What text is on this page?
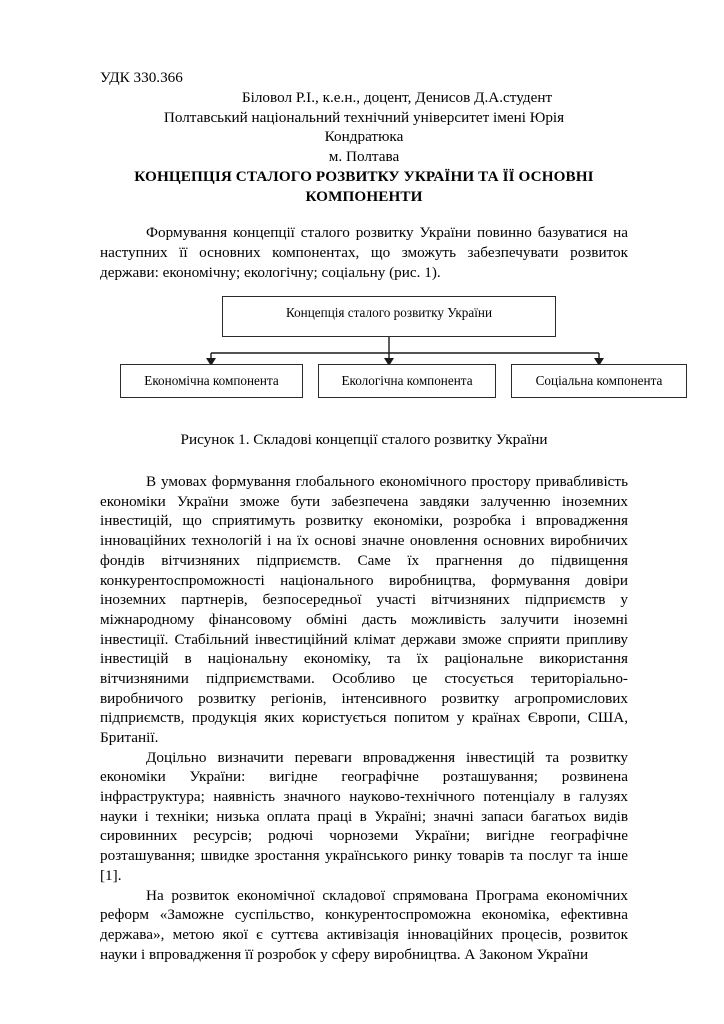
УДК 330.366
Біловол Р.І., к.е.н., доцент, Денисов Д.А.студент
Полтавський національний технічний університет імені Юрія
Кондратюка
м. Полтава
КОНЦЕПЦІЯ СТАЛОГО РОЗВИТКУ УКРАЇНИ ТА ЇЇ ОСНОВНІ
КОМПОНЕНТИ

Формування концепції сталого розвитку України повинно базуватися на наступних її основних компонентах, що зможуть забезпечувати розвиток держави: економічну; екологічну; соціальну (рис. 1).

Концепція сталого розвитку України
Економічна компонента	Екологічна компонента	Соціальна компонента
Рисунок 1. Складові концепції сталого розвитку України

В умовах формування глобального економічного простору привабливість економіки України зможе бути забезпечена завдяки залученню іноземних інвестицій, що сприятимуть розвитку економіки, розробка і впровадження інноваційних технологій і на їх основі значне оновлення основних виробничих фондів вітчизняних підприємств. Саме їх прагнення до підвищення конкурентоспроможності національного виробництва, формування довіри іноземних партнерів, безпосередньої участі вітчизняних підприємств у міжнародному фінансовому обміні дасть можливість залучити іноземні інвестиції. Стабільний інвестиційний клімат держави зможе сприяти припливу інвестицій в національну економіку, та їх раціональне використання вітчизняними підприємствами. Особливо це стосується територіально-виробничого розвитку регіонів, інтенсивного розвитку агропромислових підприємств, продукція яких користується попитом у країнах Європи, США, Британії.

Доцільно визначити переваги впровадження інвестицій та розвитку економіки України: вигідне географічне розташування; розвинена інфраструктура; наявність значного науково-технічного потенціалу в галузях науки і техніки; низька оплата праці в Україні; значні запаси багатьох видів сировинних ресурсів; родючі чорноземи України; вигідне географічне розташування; швидке зростання українського ринку товарів та послуг та інше [1].

На розвиток економічної складової спрямована Програма економічних реформ «Заможне суспільство, конкурентоспроможна економіка, ефективна держава», метою якої є суттєва активізація інноваційних процесів, розвиток науки і впровадження її розробок у сферу виробництва. А Законом України
